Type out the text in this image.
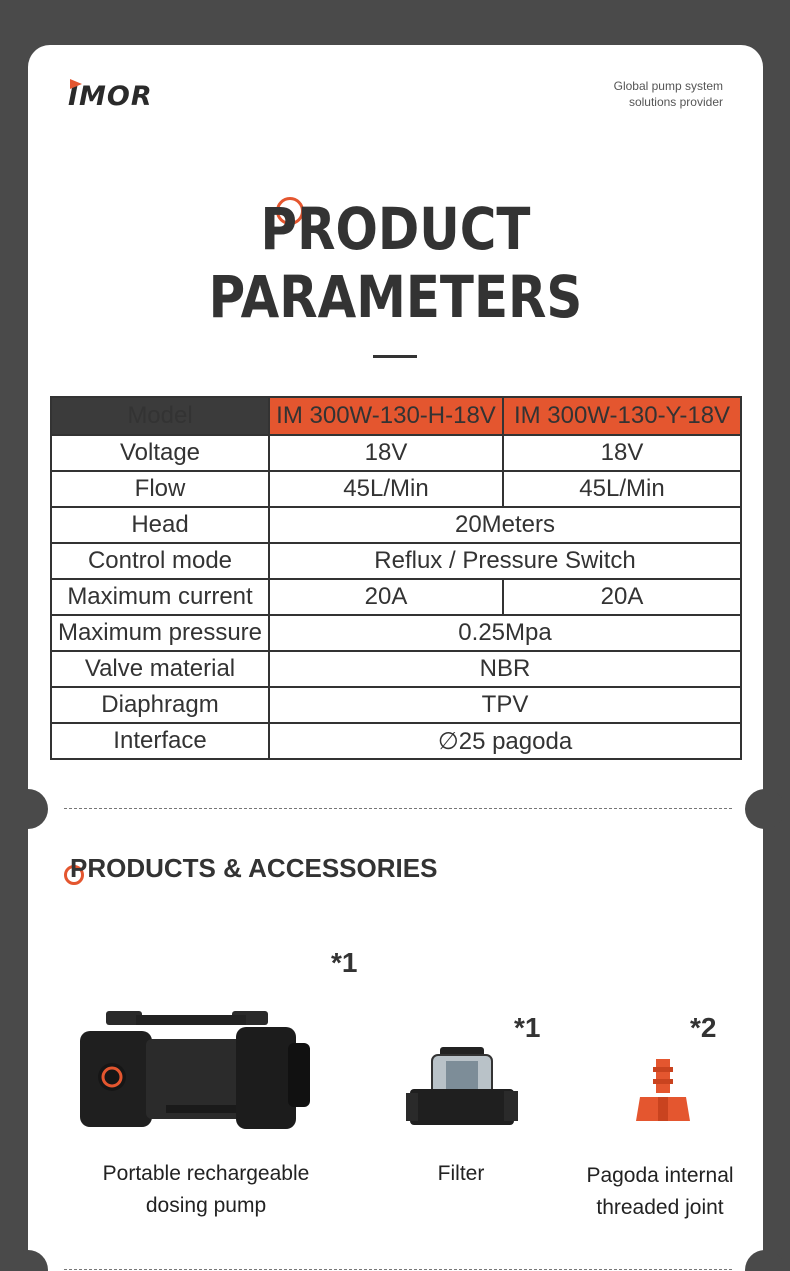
IMOR	Global pump system
solutions provider
PRODUCT
PARAMETERS
Model	IM 300W-130-H-18V	IM 300W-130-Y-18V
Voltage	18V	18V
Flow	45L/Min	45L/Min
Head	20Meters	
Control mode	Reflux / Pressure Switch	
Maximum current	20A	20A
Maximum pressure	0.25Mpa	
Valve material	NBR	
Diaphragm	TPV	
Interface	∅25 pagoda	
PRODUCTS & ACCESSORIES
*1
Portable rechargeable
dosing pump
*1
Filter
*2
Pagoda internal
threaded joint
